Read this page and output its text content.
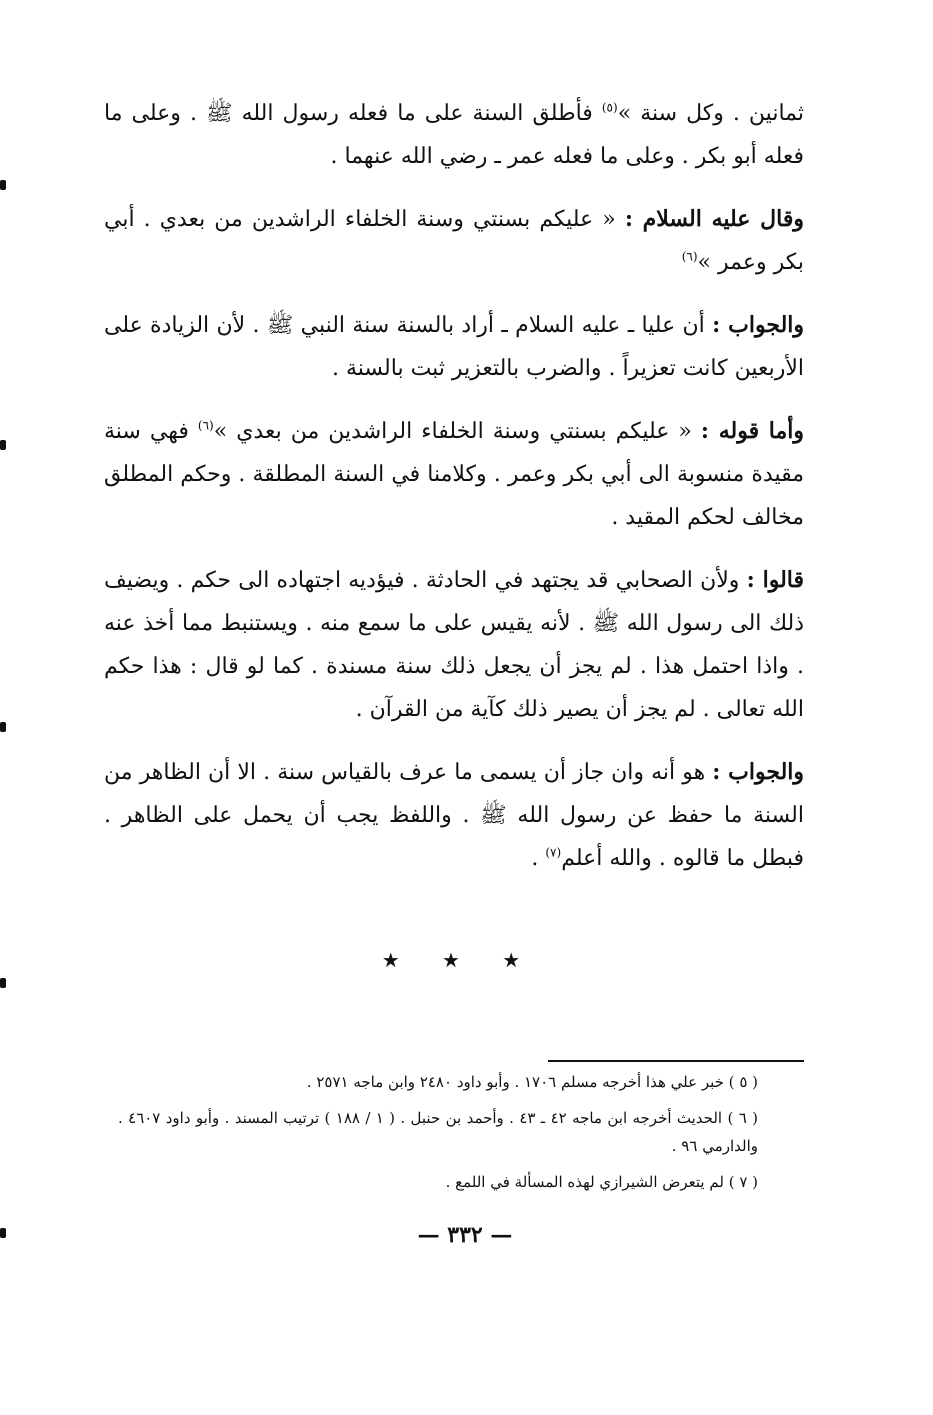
ثمانين . وكل سنة »$^{(٥)}$ فأطلق السنة على ما فعله رسول الله ﷺ . وعلى ما فعله أبو بكر . وعلى ما فعله عمر ـ رضي الله عنهما .

وقال عليه السلام : « عليكم بسنتي وسنة الخلفاء الراشدين من بعدي . أبي بكر وعمر »$^{(٦)}$

والجواب : أن عليا ـ عليه السلام ـ أراد بالسنة سنة النبي ﷺ . لأن الزيادة على الأربعين كانت تعزيراً . والضرب بالتعزير ثبت بالسنة .

وأما قوله : « عليكم بسنتي وسنة الخلفاء الراشدين من بعدي »$^{(٦)}$ فهي سنة مقيدة منسوبة الى أبي بكر وعمر . وكلامنا في السنة المطلقة . وحكم المطلق مخالف لحكم المقيد .

قالوا : ولأن الصحابي قد يجتهد في الحادثة . فيؤديه اجتهاده الى حكم . ويضيف ذلك الى رسول الله ﷺ . لأنه يقيس على ما سمع منه . ويستنبط مما أخذ عنه . واذا احتمل هذا . لم يجز أن يجعل ذلك سنة مسندة . كما لو قال : هذا حكم الله تعالى . لم يجز أن يصير ذلك كآية من القرآن .

والجواب : هو أنه وان جاز أن يسمى ما عرف بالقياس سنة . الا أن الظاهر من السنة ما حفظ عن رسول الله ﷺ . واللفظ يجب أن يحمل على الظاهر . فبطل ما قالوه . والله أعلم$^{(٧)}$ .

★ ★ ★

( ٥ ) خبر علي هذا أخرجه مسلم ١٧٠٦ . وأبو داود ٢٤٨٠ وابن ماجه ٢٥٧١ .

( ٦ ) الحديث أخرجه ابن ماجه ٤٢ ـ ٤٣ . وأحمد بن حنبل . ( ١ / ١٨٨ ) ترتيب المسند . وأبو داود ٤٦٠٧ . والدارمي ٩٦ .

( ٧ ) لم يتعرض الشيرازي لهذه المسألة في اللمع .

— ٣٣٢ —
